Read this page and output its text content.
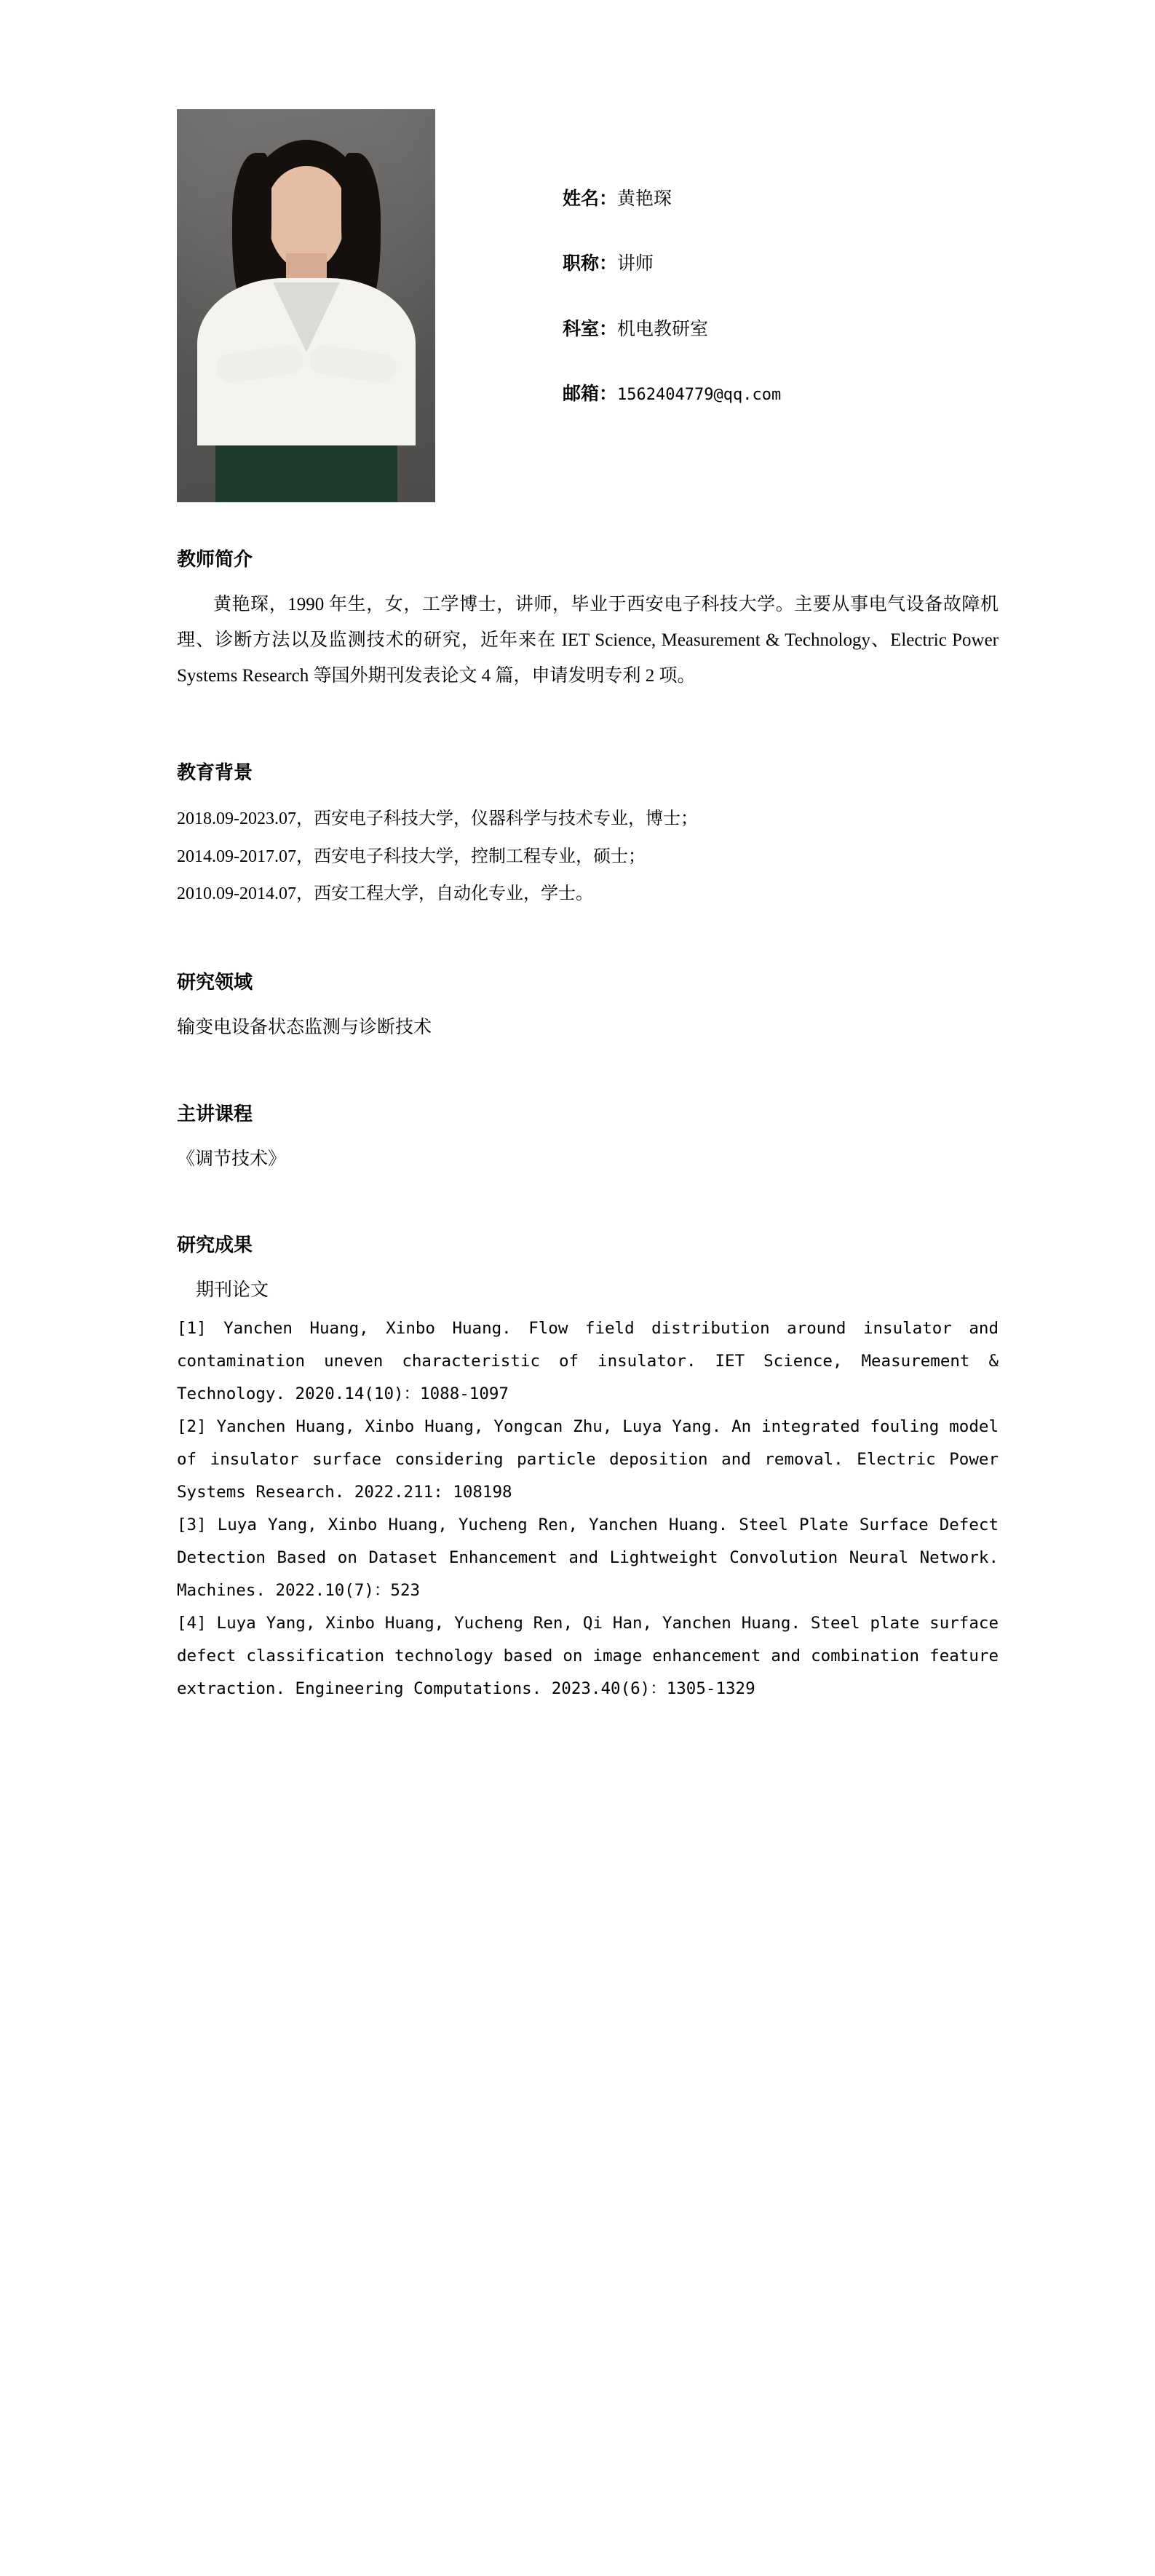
姓名：黄艳琛
职称：讲师
科室：机电教研室
邮箱：1562404779@qq.com
教师简介

黄艳琛，1990 年生，女，工学博士，讲师，毕业于西安电子科技大学。主要从事电气设备故障机理、诊断方法以及监测技术的研究，近年来在 IET Science, Measurement & Technology、Electric Power Systems Research 等国外期刊发表论文 4 篇，申请发明专利 2 项。

教育背景

2018.09-2023.07，西安电子科技大学，仪器科学与技术专业，博士；

2014.09-2017.07，西安电子科技大学，控制工程专业，硕士；

2010.09-2014.07，西安工程大学，自动化专业，学士。

研究领域

输变电设备状态监测与诊断技术

主讲课程

《调节技术》

研究成果

期刊论文

[1] Yanchen Huang, Xinbo Huang. Flow field distribution around insulator and contamination uneven characteristic of insulator. IET Science, Measurement & Technology. 2020.14(10)：1088-1097

[2] Yanchen Huang, Xinbo Huang, Yongcan Zhu, Luya Yang. An integrated fouling model of insulator surface considering particle deposition and removal. Electric Power Systems Research. 2022.211: 108198

[3] Luya Yang, Xinbo Huang, Yucheng Ren, Yanchen Huang. Steel Plate Surface Defect Detection Based on Dataset Enhancement and Lightweight Convolution Neural Network. Machines. 2022.10(7)：523

[4] Luya Yang, Xinbo Huang, Yucheng Ren, Qi Han, Yanchen Huang. Steel plate surface defect classification technology based on image enhancement and combination feature extraction. Engineering Computations. 2023.40(6)：1305-1329
